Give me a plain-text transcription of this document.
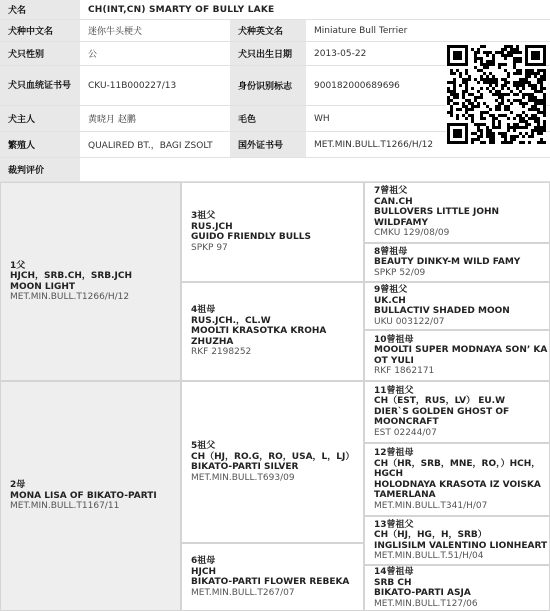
犬名	CH(INT,CN) SMARTY OF BULLY LAKE
犬种中文名	迷你牛头梗犬	犬种英文名	Miniature Bull Terrier
犬只性别	公	犬只出生日期	2013-05-22
犬只血统证书号	CKU-11B000227/13	身份识别标志	900182000689696
犬主人	黄晓月 赵鹏	毛色	WH
繁殖人	QUALIRED BT.，BAGI ZSOLT	国外证书号	MET.MIN.BULL.T1266/H/12
裁判评价
1父
HJCH，SRB.CH，SRB.JCH
MOON LIGHT
MET.MIN.BULL.T1266/H/12
2母
MONA LISA OF BIKATO-PARTI
MET.MIN.BULL.T1167/11
3祖父
RUS.JCH
GUIDO FRIENDLY BULLS
SPKP 97
4祖母
RUS.JCH.，CL.W
MOOLTI KRASOTKA KROHA
ZHUZHA
RKF 2198252
5祖父
CH（HJ，RO.G，RO，USA，L，LJ）
BIKATO-PARTI SILVER
MET.MIN.BULL.T693/09
6祖母
HJCH
BIKATO-PARTI FLOWER REBEKA
MET.MIN.BULL.T267/07
7曾祖父
CAN.CH
BULLOVERS LITTLE JOHN
WILDFAMY
CMKU 129/08/09
8曾祖母
BEAUTY DINKY-M WILD FAMY
SPKP 52/09
9曾祖父
UK.CH
BULLACTIV SHADED MOON
UKU 003122/07
10曾祖母
MOOLTI SUPER MODNAYA SON’ KA
OT YULI
RKF 1862171
11曾祖父
CH（EST，RUS，LV） EU.W
DIER`S GOLDEN GHOST OF
MOONCRAFT
EST 02244/07
12曾祖母
CH（HR，SRB，MNE，RO，）HCH，
HGCH
HOLODNAYA KRASOTA IZ VOISKA
TAMERLANA
MET.MIN.BULL.T341/H/07
13曾祖父
CH（HJ，HG，H，SRB）
INGLISILM VALENTINO LIONHEART
MET.MIN.BULL.T.51/H/04
14曾祖母
SRB CH
BIKATO-PARTI ASJA
MET.MIN.BULL.T127/06
